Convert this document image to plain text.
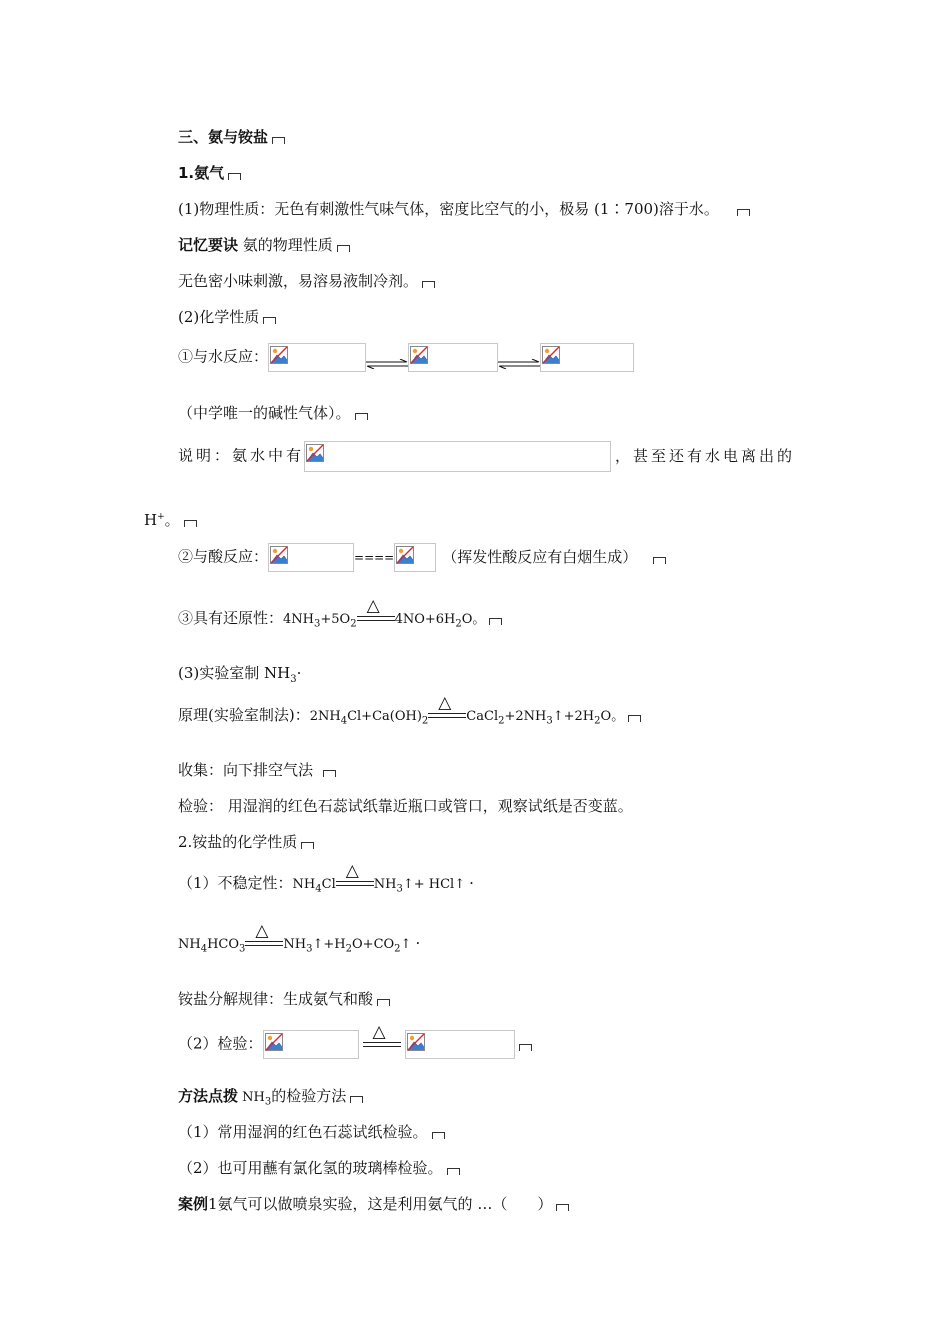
三、氨与铵盐
1.氨气
(1)物理性质：无色有刺激性气味气体，密度比空气的小，极易 (1∶700)溶于水。
记忆要诀 氨的物理性质
无色密小味刺激，易溶易液制冷剂。
(2)化学性质
①与水反应：
（中学唯一的碱性气体）。
说明：氨水中有	，甚至还有水电离出的
H+。
②与酸反应：	====	（挥发性酸反应有白烟生成）
③具有还原性：$4NH_3+5O_2$
△
$4NO+6H_2O$。
(3)实验室制 $NH_3\cdot$
原理(实验室制法)：$2NH_4Cl+Ca(OH)_2$
△
$CaCl_2+2NH_3↑+2H_2O$。
收集：向下排空气法
检验： 用湿润的红色石蕊试纸靠近瓶口或管口，观察试纸是否变蓝。
2.铵盐的化学性质
（1）不稳定性：$NH_4Cl$
△
$NH_3↑+$ HCl↑ ·
$NH_4HCO_3$
△
$NH_3↑+H_2O+CO_2↑$ ·
铵盐分解规律：生成氨气和酸
（2）检验：
△
方法点拨 $NH_3$的检验方法
（1）常用湿润的红色石蕊试纸检验。
（2）也可用蘸有氯化氢的玻璃棒检验。
案例1氨气可以做喷泉实验，这是利用氨气的 …（　　）
